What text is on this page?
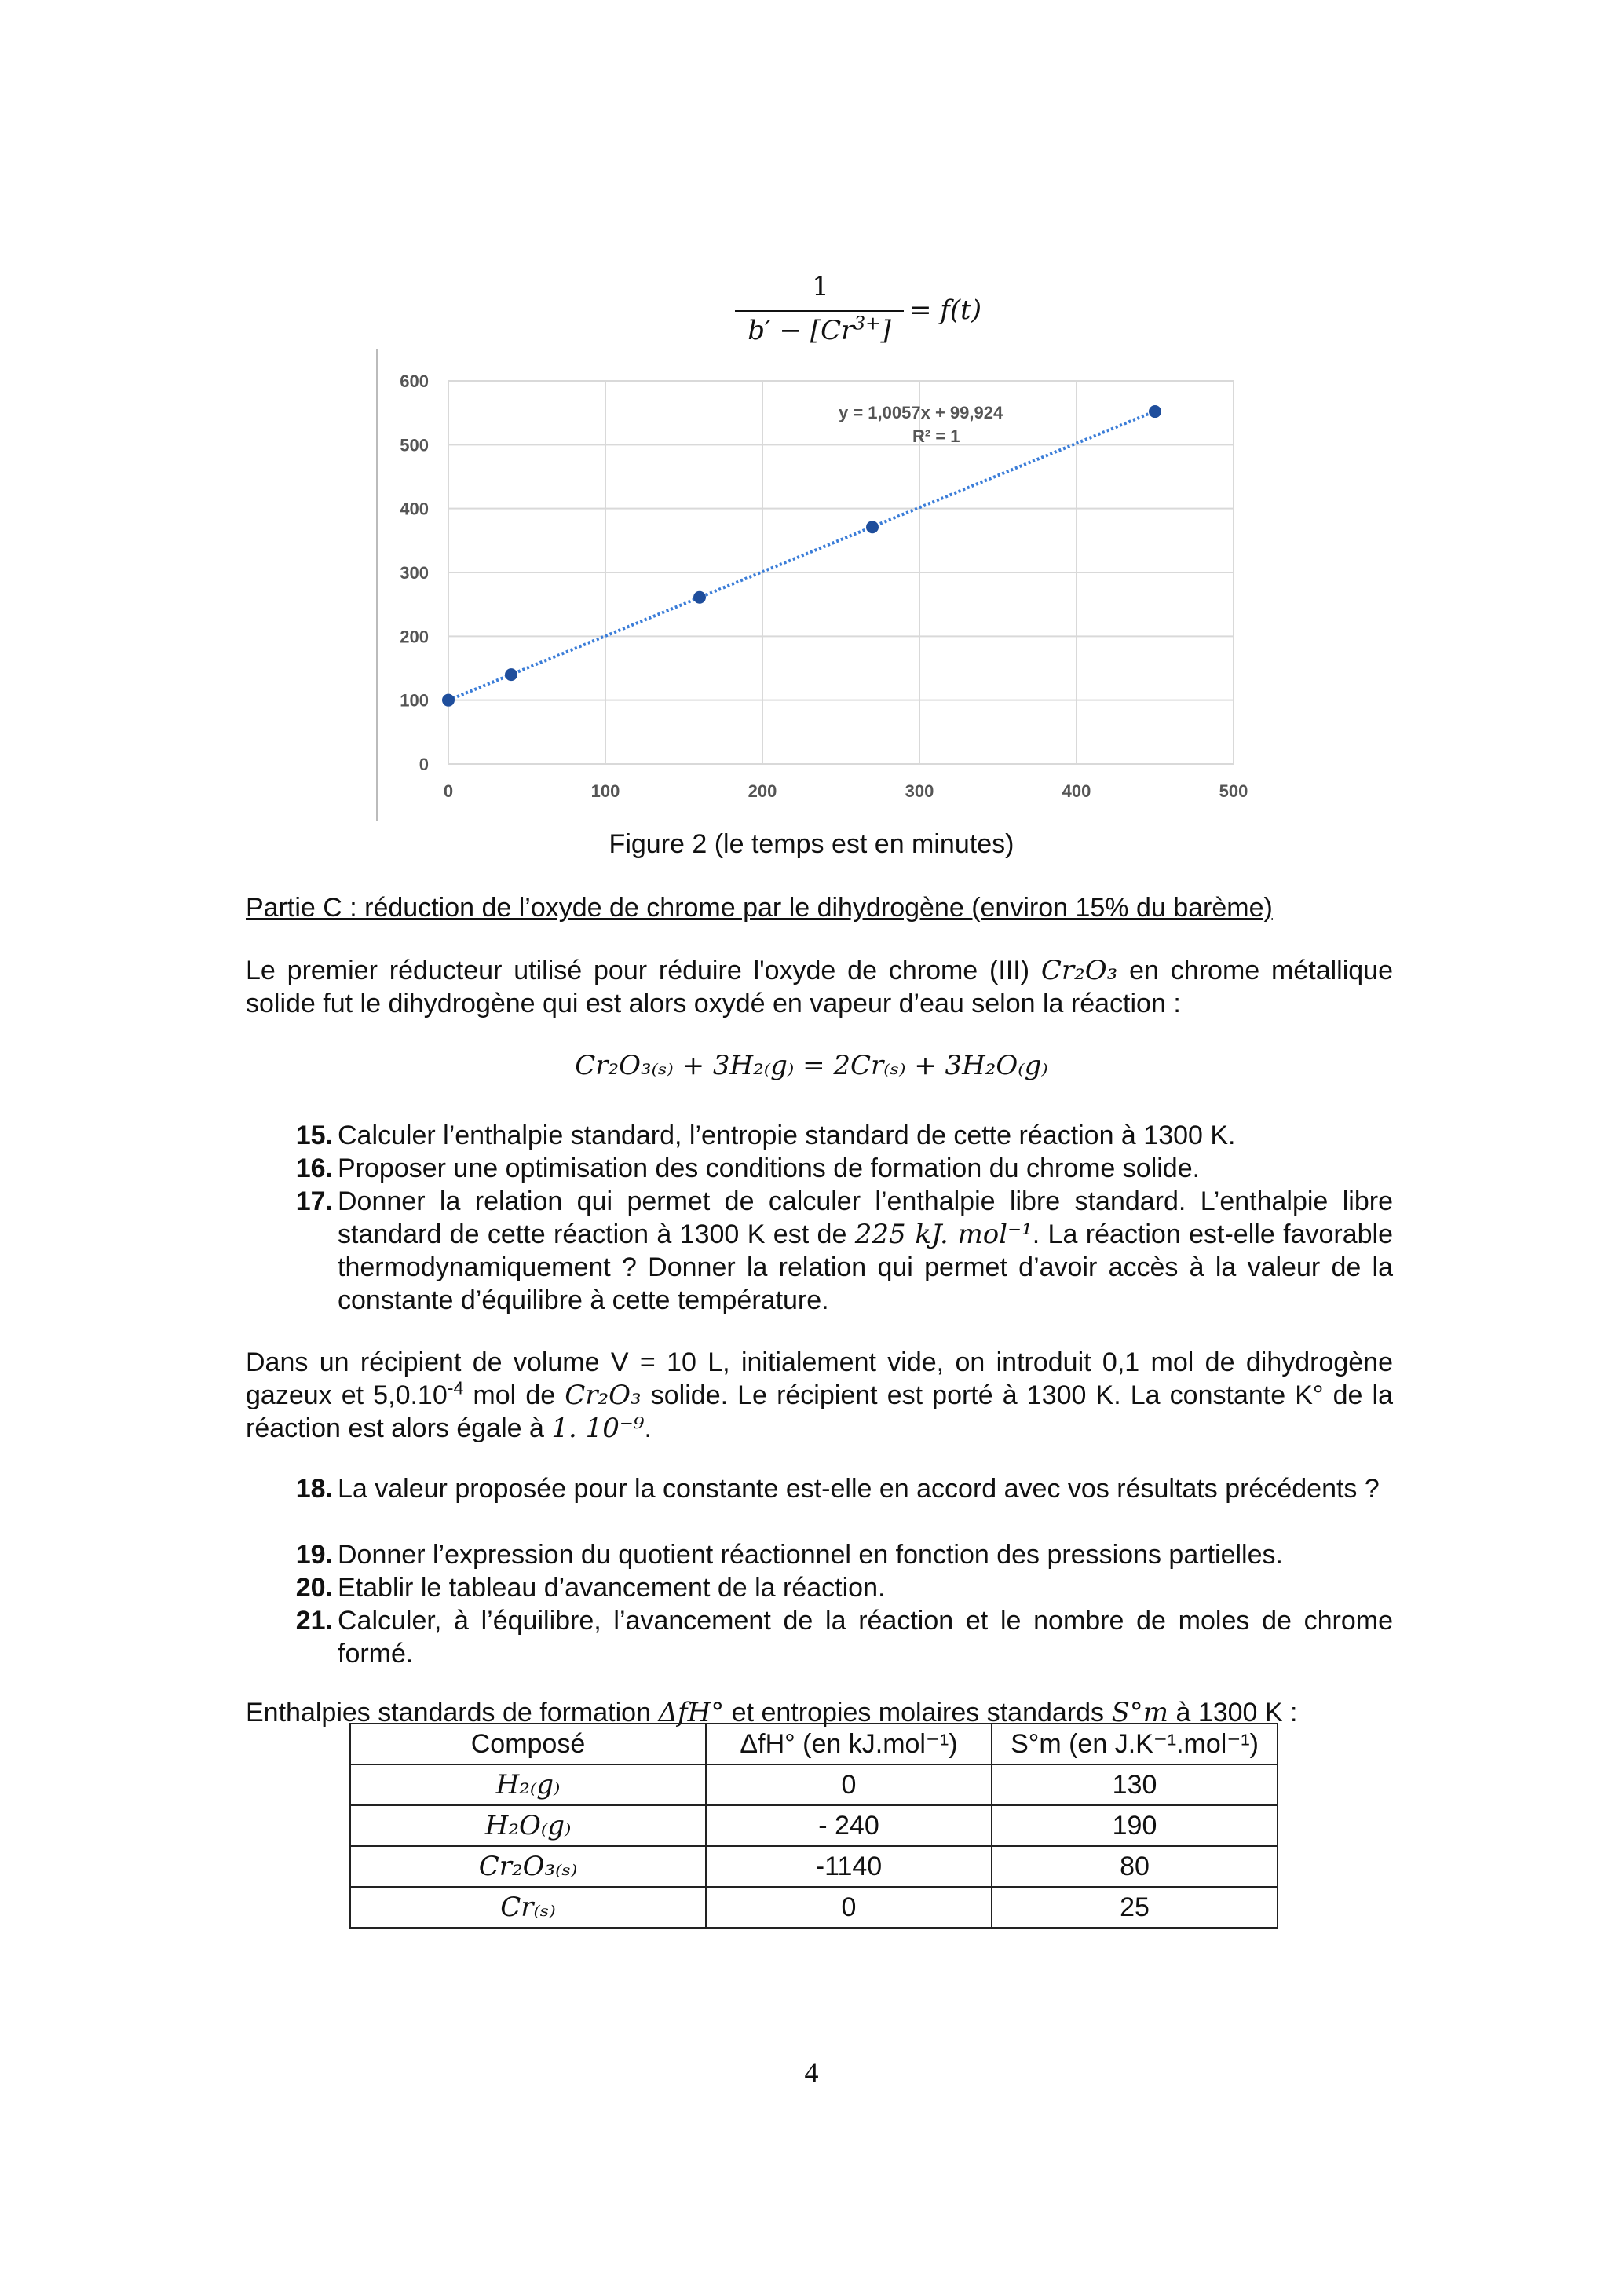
1
$b' - [Cr^{3+}]$
= f(t)
0
100
200
300
400
500
600
0	100	200	300	400	500
y = 1,0057x + 99,924
R² = 1
Figure 2 (le temps est en minutes)
Partie C : réduction de l’oxyde de chrome par le dihydrogène (environ 15% du barème)
Le premier réducteur utilisé pour réduire l'oxyde de chrome (III) Cr₂O₃ en chrome métallique
solide fut le dihydrogène qui est alors oxydé en vapeur d’eau selon la réaction :
Cr₂O₃₍ₛ₎ + 3H₂₍g₎ = 2Cr₍ₛ₎ + 3H₂O₍g₎
15. Calculer l’enthalpie standard, l’entropie standard de cette réaction à 1300 K.
16. Proposer une optimisation des conditions de formation du chrome solide.
17. Donner la relation qui permet de calculer l’enthalpie libre standard. L’enthalpie libre standard de cette réaction à 1300 K est de 225 kJ. mol⁻¹. La réaction est-elle favorable thermodynamiquement ? Donner la relation qui permet d’avoir accès à la valeur de la constante d’équilibre à cette température.
Dans un récipient de volume V = 10 L, initialement vide, on introduit 0,1 mol de dihydrogène gazeux et $5,0.10^{-4}$ mol de Cr₂O₃ solide. Le récipient est porté à 1300 K. La constante K° de la réaction est alors égale à 1. 10⁻⁹.
18. La valeur proposée pour la constante est-elle en accord avec vos résultats précédents ?
19. Donner l’expression du quotient réactionnel en fonction des pressions partielles.
20. Etablir le tableau d’avancement de la réaction.
21. Calculer, à l’équilibre, l’avancement de la réaction et le nombre de moles de chrome formé.
Enthalpies standards de formation ΔfH° et entropies molaires standards S°m à 1300 K :
Composé	ΔfH° (en kJ.mol⁻¹)	S°m (en J.K⁻¹.mol⁻¹)
H₂₍g₎	0	130
H₂O₍g₎	- 240	190
Cr₂O₃₍ₛ₎	-1140	80
Cr₍ₛ₎	0	25
4
